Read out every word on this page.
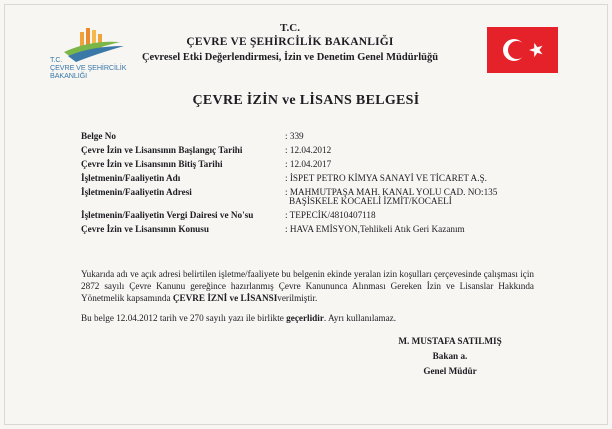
T.C.
ÇEVRE VE ŞEHİRCİLİK
BAKANLIĞI
T.C.
ÇEVRE VE ŞEHİRCİLİK BAKANLIĞI
Çevresel Etki Değerlendirmesi, İzin ve Denetim Genel Müdürlüğü
ÇEVRE İZİN ve LİSANS BELGESİ
Belge No	: 339
Çevre İzin ve Lisansının Başlangıç Tarihi	: 12.04.2012
Çevre İzin ve Lisansının Bitiş Tarihi	: 12.04.2017
İşletmenin/Faaliyetin Adı	: İSPET PETRO KİMYA SANAYİ VE TİCARET A.Ş.
İşletmenin/Faaliyetin Adresi	: MAHMUTPAŞA MAH. KANAL YOLU CAD. NO:135
BAŞİSKELE KOCAELİ İZMİT/KOCAELİ
İşletmenin/Faaliyetin Vergi Dairesi ve No'su	: TEPECİK/4810407118
Çevre İzin ve Lisansının Konusu	: HAVA EMİSYON,Tehlikeli Atık Geri Kazanım
Yukarıda adı ve açık adresi belirtilen işletme/faaliyete bu belgenin ekinde yeralan izin koşulları çerçevesinde çalışması için 2872 sayılı Çevre Kanunu gereğince hazırlanmış Çevre Kanununca Alınması Gereken İzin ve Lisanslar Hakkında Yönetmelik kapsamında ÇEVRE İZNİ ve LİSANSIverilmiştir.
Bu belge 12.04.2012 tarih ve 270 sayılı yazı ile birlikte geçerlidir. Ayrı kullanılamaz.
M. MUSTAFA SATILMIŞ
Bakan a.
Genel Müdür
